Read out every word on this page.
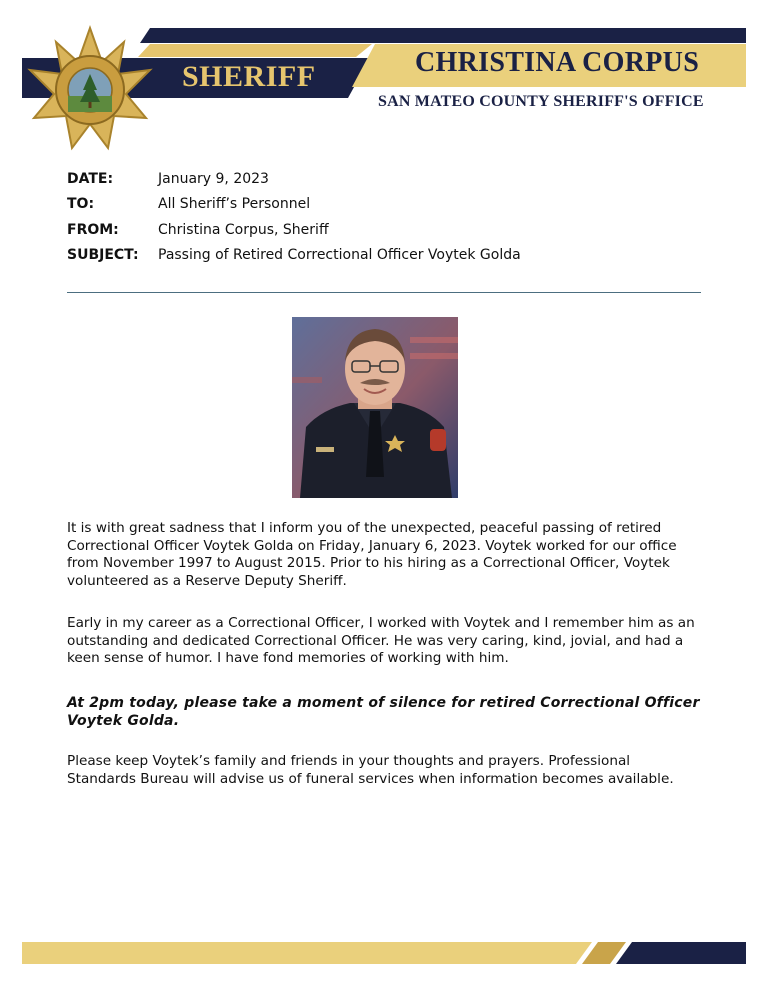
SHERIFF	CHRISTINA CORPUS
SAN MATEO COUNTY SHERIFF'S OFFICE
DATE:	January 9, 2023
TO:	All Sheriff’s Personnel
FROM:	Christina Corpus, Sheriff
SUBJECT:	Passing of Retired Correctional Officer Voytek Golda
It is with great sadness that I inform you of the unexpected, peaceful passing of retired Correctional Officer Voytek Golda on Friday, January 6, 2023. Voytek worked for our office from November 1997 to August 2015. Prior to his hiring as a Correctional Officer, Voytek volunteered as a Reserve Deputy Sheriff.
Early in my career as a Correctional Officer, I worked with Voytek and I remember him as an outstanding and dedicated Correctional Officer. He was very caring, kind, jovial, and had a keen sense of humor. I have fond memories of working with him.
At 2pm today, please take a moment of silence for retired Correctional Officer Voytek Golda.
Please keep Voytek’s family and friends in your thoughts and prayers. Professional Standards Bureau will advise us of funeral services when information becomes available.
